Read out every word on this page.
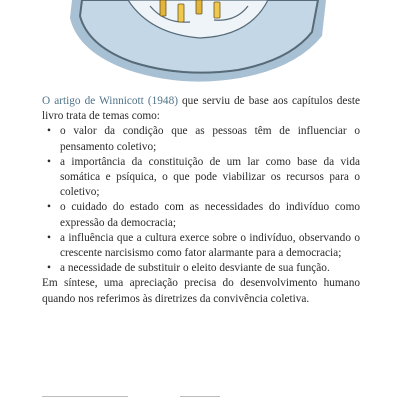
O artigo de Winnicott (1948) que serviu de base aos capítulos deste livro trata de temas como:

• o valor da condição que as pessoas têm de influenciar o pensamento coletivo;
• a importância da constituição de um lar como base da vida somática e psíquica, o que pode viabilizar os recursos para o coletivo;
• o cuidado do estado com as necessidades do indivíduo como expressão da democracia;
• a influência que a cultura exerce sobre o indivíduo, observando o crescente narcisismo como fator alarmante para a democracia;
• a necessidade de substituir o eleito desviante de sua função.

Em síntese, uma apreciação precisa do desenvolvimento humano quando nos referimos às diretrizes da convivência coletiva.
